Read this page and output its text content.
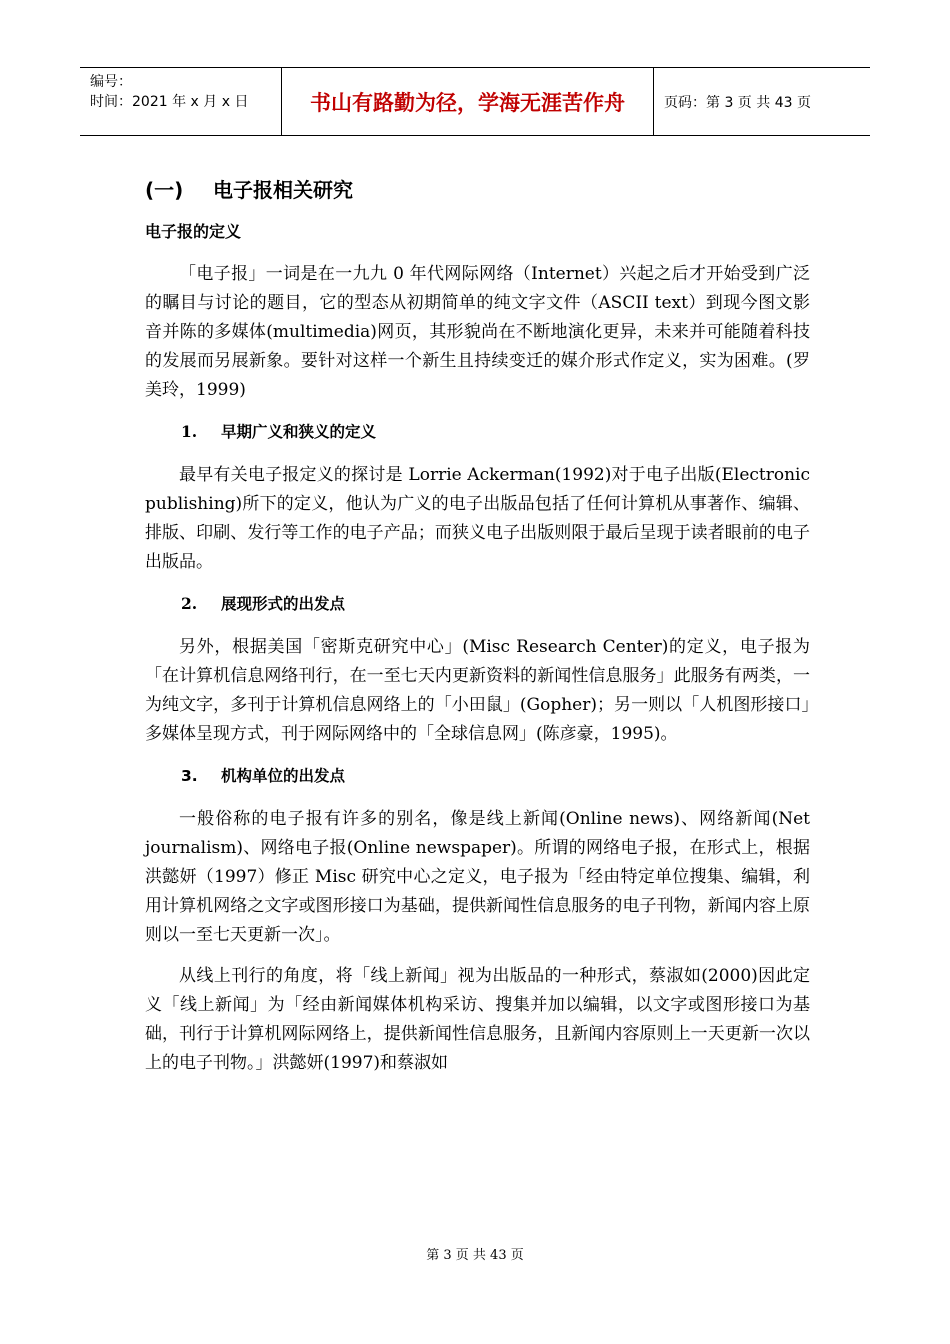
编号：
时间：2021 年 x 月 x 日	书山有路勤为径，学海无涯苦作舟	页码：第 3 页 共 43 页
(一) 电子报相关研究
电子报的定义

「电子报」一词是在一九九 0 年代网际网络（Internet）兴起之后才开始受到广泛的瞩目与讨论的题目，它的型态从初期简单的纯文字文件（ASCII text）到现今图文影音并陈的多媒体(multimedia)网页，其形貌尚在不断地演化更异，未来并可能随着科技的发展而另展新象。要针对这样一个新生且持续变迁的媒介形式作定义，实为困难。(罗美玲，1999)

1. 早期广义和狭义的定义

最早有关电子报定义的探讨是 Lorrie Ackerman(1992)对于电子出版(Electronic publishing)所下的定义，他认为广义的电子出版品包括了任何计算机从事著作、编辑、排版、印刷、发行等工作的电子产品；而狭义电子出版则限于最后呈现于读者眼前的电子出版品。

2. 展现形式的出发点

另外，根据美国「密斯克研究中心」(Misc Research Center)的定义，电子报为「在计算机信息网络刊行，在一至七天内更新资料的新闻性信息服务」此服务有两类，一为纯文字，多刊于计算机信息网络上的「小田鼠」(Gopher)；另一则以「人机图形接口」多媒体呈现方式，刊于网际网络中的「全球信息网」(陈彦豪，1995)。

3. 机构单位的出发点

一般俗称的电子报有许多的别名，像是线上新闻(Online news)、网络新闻(Net journalism)、网络电子报(Online newspaper)。所谓的网络电子报，在形式上，根据洪懿妍（1997）修正 Misc 研究中心之定义，电子报为「经由特定单位搜集、编辑，利用计算机网络之文字或图形接口为基础，提供新闻性信息服务的电子刊物，新闻内容上原则以一至七天更新一次」。

从线上刊行的角度，将「线上新闻」视为出版品的一种形式，蔡淑如(2000)因此定义「线上新闻」为「经由新闻媒体机构采访、搜集并加以编辑，以文字或图形接口为基础，刊行于计算机网际网络上，提供新闻性信息服务，且新闻内容原则上一天更新一次以上的电子刊物。」洪懿妍(1997)和蔡淑如

第 3 页 共 43 页
